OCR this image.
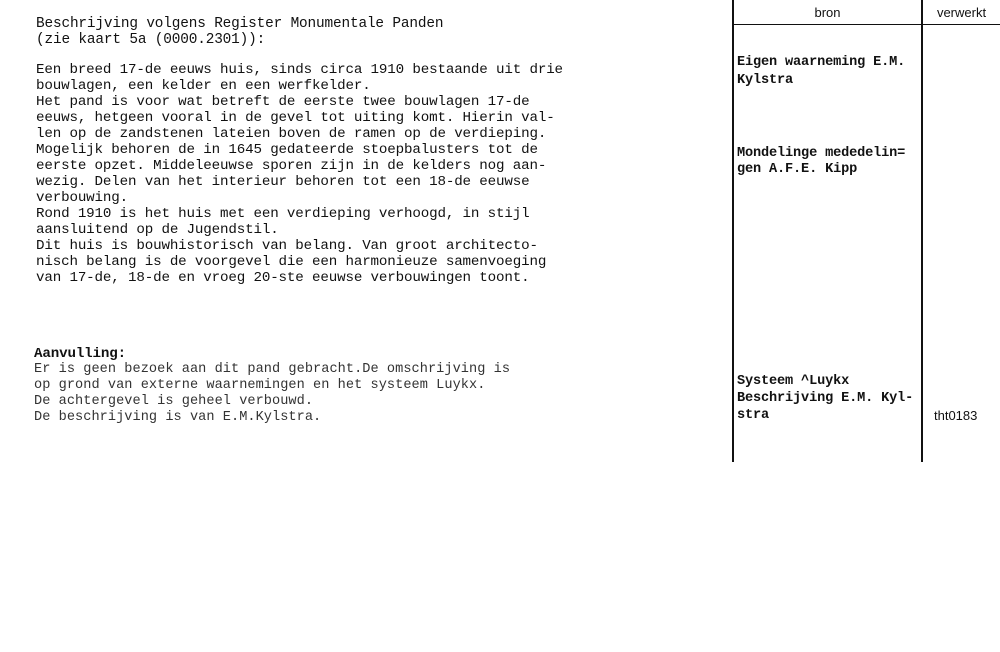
Beschrijving volgens Register Monumentale Panden
(zie kaart 5a (0000.2301)):
Een breed 17-de eeuws huis, sinds circa 1910 bestaande uit drie
bouwlagen, een kelder en een werfkelder.
Het pand is voor wat betreft de eerste twee bouwlagen 17-de
eeuws, hetgeen vooral in de gevel tot uiting komt. Hierin val-
len op de zandstenen lateien boven de ramen op de verdieping.
Mogelijk behoren de in 1645 gedateerde stoepbalusters tot de
eerste opzet. Middeleeuwse sporen zijn in de kelders nog aan-
wezig. Delen van het interieur behoren tot een 18-de eeuwse
verbouwing.
Rond 1910 is het huis met een verdieping verhoogd, in stijl
aansluitend op de Jugendstil.
Dit huis is bouwhistorisch van belang. Van groot architecto-
nisch belang is de voorgevel die een harmonieuze samenvoeging
van 17-de, 18-de en vroeg 20-ste eeuwse verbouwingen toont.
Aanvulling:
Er is geen bezoek aan dit pand gebracht.De omschrijving is
op grond van externe waarnemingen en het systeem Luykx.
De achtergevel is geheel verbouwd.
De beschrijving is van E.M.Kylstra.
bron	verwerkt
Eigen waarneming E.M.
Kylstra
Mondelinge mededelin=
gen A.F.E. Kipp
Systeem ^Luykx
Beschrijving E.M. Kyl-
stra	tht0183
